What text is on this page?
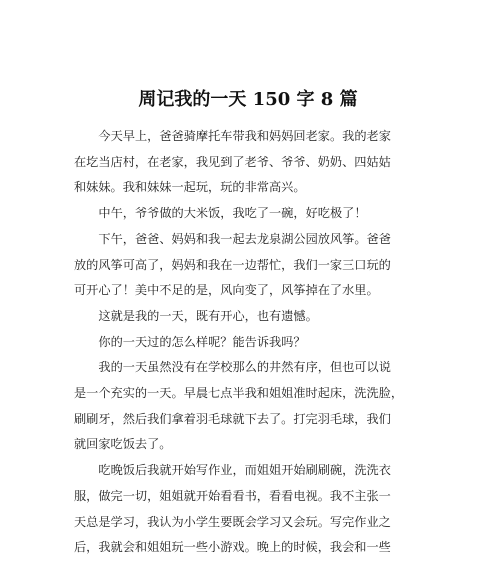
周记我的一天 150 字 8 篇

今天早上，爸爸骑摩托车带我和妈妈回老家。我的老家
在圪当店村，在老家，我见到了老爷、爷爷、奶奶、四姑姑
和妹妹。我和妹妹一起玩，玩的非常高兴。

中午，爷爷做的大米饭，我吃了一碗，好吃极了！

下午，爸爸、妈妈和我一起去龙泉湖公园放风筝。爸爸
放的风筝可高了，妈妈和我在一边帮忙，我们一家三口玩的
可开心了！美中不足的是，风向变了，风筝掉在了水里。

这就是我的一天，既有开心，也有遗憾。

你的一天过的怎么样呢？能告诉我吗？

我的一天虽然没有在学校那么的井然有序，但也可以说
是一个充实的一天。早晨七点半我和姐姐准时起床，洗洗脸，
刷刷牙，然后我们拿着羽毛球就下去了。打完羽毛球，我们
就回家吃饭去了。

吃晚饭后我就开始写作业，而姐姐开始刷刷碗，洗洗衣
服，做完一切，姐姐就开始看看书，看看电视。我不主张一
天总是学习，我认为小学生要既会学习又会玩。写完作业之
后，我就会和姐姐玩一些小游戏。晚上的时候，我会和一些
